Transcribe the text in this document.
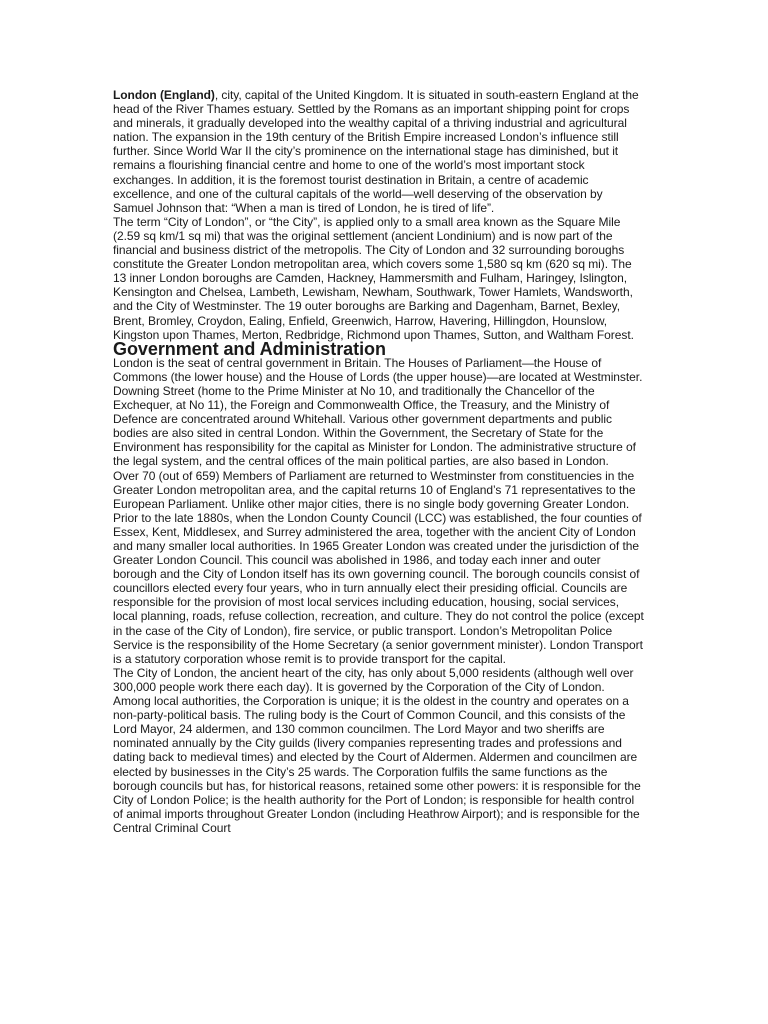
London (England), city, capital of the United Kingdom. It is situated in south-eastern England at the head of the River Thames estuary. Settled by the Romans as an important shipping point for crops and minerals, it gradually developed into the wealthy capital of a thriving industrial and agricultural nation. The expansion in the 19th century of the British Empire increased London’s influence still further. Since World War II the city’s prominence on the international stage has diminished, but it remains a flourishing financial centre and home to one of the world’s most important stock exchanges. In addition, it is the foremost tourist destination in Britain, a centre of academic excellence, and one of the cultural capitals of the world—well deserving of the observation by Samuel Johnson that: “When a man is tired of London, he is tired of life”.

The term “City of London”, or “the City”, is applied only to a small area known as the Square Mile (2.59 sq km/1 sq mi) that was the original settlement (ancient Londinium) and is now part of the financial and business district of the metropolis. The City of London and 32 surrounding boroughs constitute the Greater London metropolitan area, which covers some 1,580 sq km (620 sq mi). The 13 inner London boroughs are Camden, Hackney, Hammersmith and Fulham, Haringey, Islington, Kensington and Chelsea, Lambeth, Lewisham, Newham, Southwark, Tower Hamlets, Wandsworth, and the City of Westminster. The 19 outer boroughs are Barking and Dagenham, Barnet, Bexley, Brent, Bromley, Croydon, Ealing, Enfield, Greenwich, Harrow, Havering, Hillingdon, Hounslow, Kingston upon Thames, Merton, Redbridge, Richmond upon Thames, Sutton, and Waltham Forest.

Government and Administration

London is the seat of central government in Britain. The Houses of Parliament—the House of Commons (the lower house) and the House of Lords (the upper house)—are located at Westminster. Downing Street (home to the Prime Minister at No 10, and traditionally the Chancellor of the Exchequer, at No 11), the Foreign and Commonwealth Office, the Treasury, and the Ministry of Defence are concentrated around Whitehall. Various other government departments and public bodies are also sited in central London. Within the Government, the Secretary of State for the Environment has responsibility for the capital as Minister for London. The administrative structure of the legal system, and the central offices of the main political parties, are also based in London.

Over 70 (out of 659) Members of Parliament are returned to Westminster from constituencies in the Greater London metropolitan area, and the capital returns 10 of England’s 71 representatives to the European Parliament. Unlike other major cities, there is no single body governing Greater London. Prior to the late 1880s, when the London County Council (LCC) was established, the four counties of Essex, Kent, Middlesex, and Surrey administered the area, together with the ancient City of London and many smaller local authorities. In 1965 Greater London was created under the jurisdiction of the Greater London Council. This council was abolished in 1986, and today each inner and outer borough and the City of London itself has its own governing council. The borough councils consist of councillors elected every four years, who in turn annually elect their presiding official. Councils are responsible for the provision of most local services including education, housing, social services, local planning, roads, refuse collection, recreation, and culture. They do not control the police (except in the case of the City of London), fire service, or public transport. London’s Metropolitan Police Service is the responsibility of the Home Secretary (a senior government minister). London Transport is a statutory corporation whose remit is to provide transport for the capital.

The City of London, the ancient heart of the city, has only about 5,000 residents (although well over 300,000 people work there each day). It is governed by the Corporation of the City of London. Among local authorities, the Corporation is unique; it is the oldest in the country and operates on a non-party-political basis. The ruling body is the Court of Common Council, and this consists of the Lord Mayor, 24 aldermen, and 130 common councilmen. The Lord Mayor and two sheriffs are nominated annually by the City guilds (livery companies representing trades and professions and dating back to medieval times) and elected by the Court of Aldermen. Aldermen and councilmen are elected by businesses in the City’s 25 wards. The Corporation fulfils the same functions as the borough councils but has, for historical reasons, retained some other powers: it is responsible for the City of London Police; is the health authority for the Port of London; is responsible for health control of animal imports throughout Greater London (including Heathrow Airport); and is responsible for the Central Criminal Court
